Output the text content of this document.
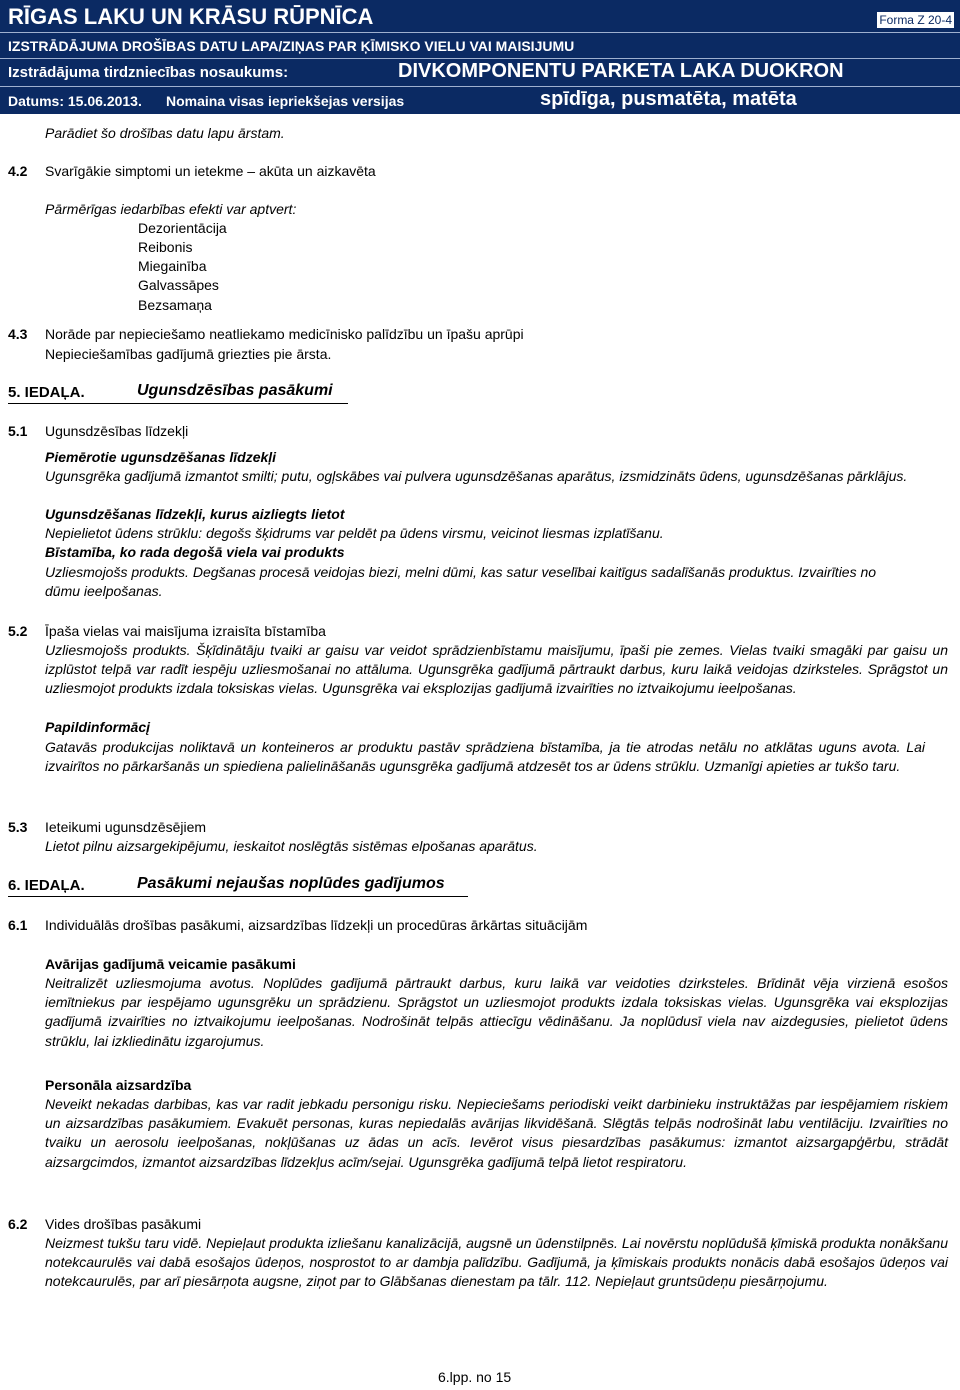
RĪGAS LAKU UN KRĀSU RŪPNĪCA	Forma Z 20-4
IZSTRĀDĀJUMA DROŠĪBAS DATU LAPA/ZIŅAS PAR ĶĪMISKO VIELU VAI MAISIJUMU
Izstrādājuma tirdzniecības nosaukums:	DIVKOMPONENTU PARKETA LAKA DUOKRON
Datums: 15.06.2013. Nomaina visas iepriekšejas versijas	spīdīga, pusmatēta, matēta
Parādiet šo drošības datu lapu ārstam.
4.2 Svarīgākie simptomi un ietekme – akūta un aizkavēta
Pārmērīgas iedarbības efekti var aptvert:
Dezorientācija
Reibonis
Miegainība
Galvassāpes
Bezsamaņa
4.3 Norāde par nepieciešamo neatliekamo medicīnisko palīdzību un īpašu aprūpi
Nepieciešamības gadījumā griezties pie ārsta.
5. IEDAĻA.	Ugunsdzēsības pasākumi
5.1 Ugunsdzēsības līdzekļi
Piemērotie ugunsdzēšanas līdzekļi
Ugunsgrēka gadījumā izmantot smilti; putu, ogļskābes vai pulvera ugunsdzēšanas aparātus, izsmidzināts ūdens, ugunsdzēšanas pārklājus.
Ugunsdzēšanas līdzekļi, kurus aizliegts lietot
Nepielietot ūdens strūklu: degošs šķidrums var peldēt pa ūdens virsmu, veicinot liesmas izplatīšanu.
Bīstamība, ko rada degošā viela vai produkts
Uzliesmojošs produkts. Degšanas procesā veidojas biezi, melni dūmi, kas satur veselībai kaitīgus sadalīšanās produktus. Izvairīties no dūmu ieelpošanas.
5.2 Īpaša vielas vai maisījuma izraisīta bīstamība
Uzliesmojošs produkts. Šķīdinātāju tvaiki ar gaisu var veidot sprādzienbīstamu maisījumu, īpaši pie zemes. Vielas tvaiki smagāki par gaisu un izplūstot telpā var radīt iespēju uzliesmošanai no attāluma. Ugunsgrēka gadījumā pārtraukt darbus, kuru laikā veidojas dzirksteles. Sprāgstot un uzliesmojot produkts izdala toksiskas vielas. Ugunsgrēka vai eksplozijas gadījumā izvairīties no iztvaikojumu ieelpošanas.
Papildinformācį
Gatavās produkcijas noliktavā un konteineros ar produktu pastāv sprādziena bīstamība, ja tie atrodas netālu no atklātas uguns avota. Lai izvairītos no pārkaršanās un spiediena palielināšanās ugunsgrēka gadījumā atdzesēt tos ar ūdens strūklu. Uzmanīgi apieties ar tukšo taru.
5.3 Ieteikumi ugunsdzēsējiem
Lietot pilnu aizsargekipējumu, ieskaitot noslēgtās sistēmas elpošanas aparātus.
6. IEDAĻA.	Pasākumi nejaušas noplūdes gadījumos
6.1 Individuālās drošības pasākumi, aizsardzības līdzekļi un procedūras ārkārtas situācijām
Avārijas gadījumā veicamie pasākumi
Neitralizēt uzliesmojuma avotus. Noplūdes gadījumā pārtraukt darbus, kuru laikā var veidoties dzirksteles. Brīdināt vēja virzienā esošos iemītniekus par iespējamo ugunsgrēku un sprādzienu. Sprāgstot un uzliesmojot produkts izdala toksiskas vielas. Ugunsgrēka vai eksplozijas gadījumā izvairīties no iztvaikojumu ieelpošanas. Nodrošināt telpās attiecīgu vēdināšanu. Ja noplūdusī viela nav aizdegusies, pielietot ūdens strūklu, lai izkliedinātu izgarojumus.
Personāla aizsardzība
Neveikt nekadas darbibas, kas var radit jebkadu personigu risku. Nepieciešams periodiski veikt darbinieku instruktāžas par iespējamiem riskiem un aizsardzības pasākumiem. Evakuēt personas, kuras nepiedalās avārijas likvidēšanā. Slēgtās telpās nodrošināt labu ventilāciju. Izvairīties no tvaiku un aerosolu ieelpošanas, nokļūšanas uz ādas un acīs. Ievērot visus piesardzības pasākumus: izmantot aizsargapģērbu, strādāt aizsargcimdos, izmantot aizsardzības līdzekļus acīm/sejai. Ugunsgrēka gadījumā telpā lietot respiratoru.
6.2 Vides drošības pasākumi
Neizmest tukšu taru vidē. Nepieļaut produkta izliešanu kanalizācijā, augsnē un ūdenstilpnēs. Lai novērstu noplūdušā ķīmiskā produkta nonākšanu notekcaurulēs vai dabā esošajos ūdeņos, nosprostot to ar dambja palīdzību. Gadījumā, ja ķīmiskais produkts nonācis dabā esošajos ūdeņos vai notekcaurulēs, par arī piesārņota augsne, ziņot par to Glābšanas dienestam pa tālr. 112. Nepieļaut gruntsūdeņu piesārņojumu.
6.lpp. no 15
